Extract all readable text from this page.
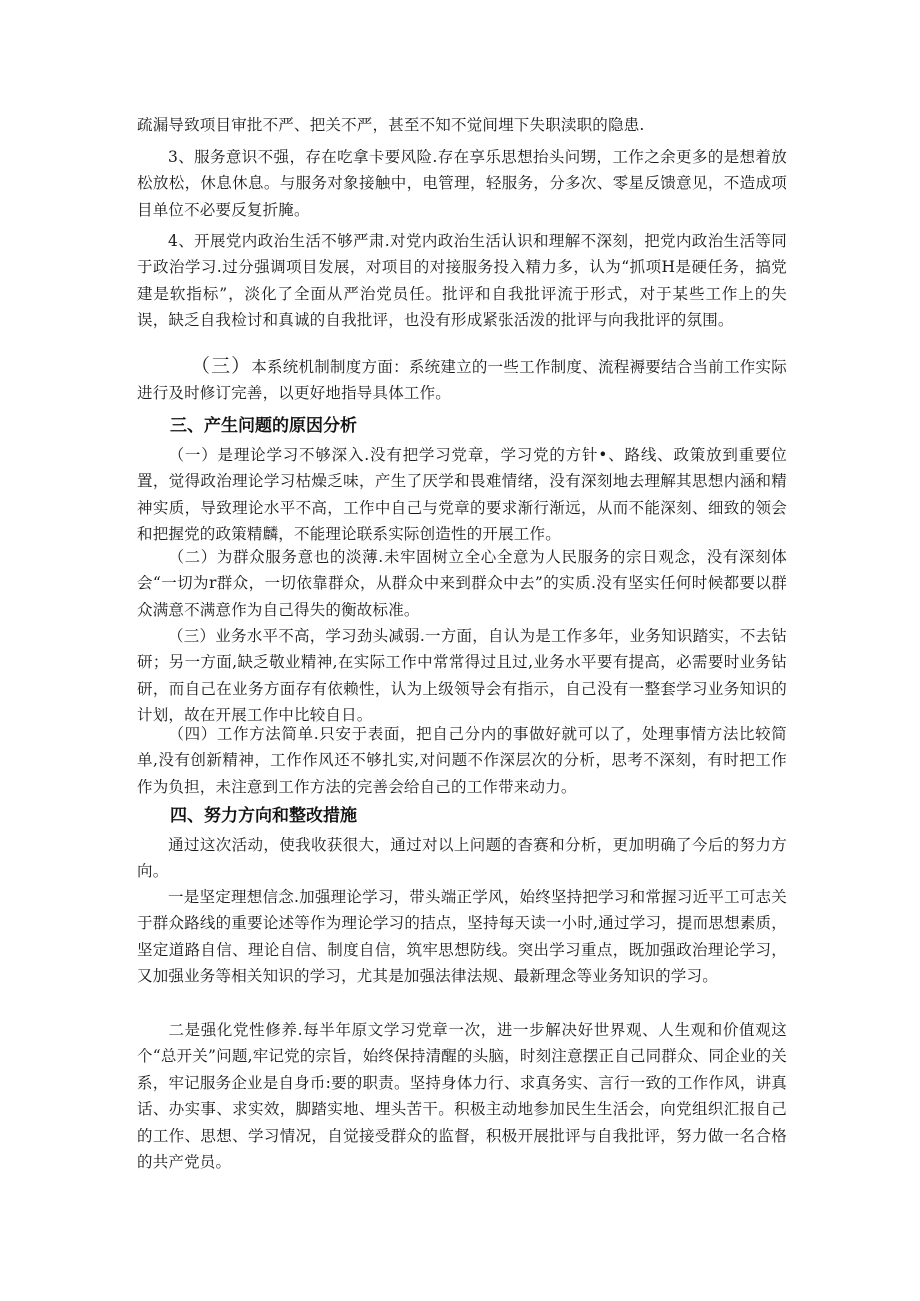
疏漏导致项目审批不严、把关不严，甚至不知不觉间埋下失职渎职的隐患.

3、服务意识不强，存在吃拿卡要风险.存在享乐思想抬头问甥，工作之余更多的是想着放松放松，休息休息。与服务对象接触中，电管理，轻服务，分多次、零星反馈意见，不造成项目单位不必要反复折腌。

4、开展党内政治生活不够严肃.对党内政治生活认识和理解不深刻，把党内政治生活等同于政治学习.过分强调项目发展，对项目的对接服务投入精力多，认为“抓项H是硬任务，搞党建是软指标”，淡化了全面从严治党员任。批评和自我批评流于形式，对于某些工作上的失误，缺乏自我检讨和真诚的自我批评，也没有形成紧张活泼的批评与向我批评的氛围。

（三）本系统机制制度方面：系统建立的一些工作制度、流程褥要结合当前工作实际进行及时修订完善，以更好地指导具体工作。

三、产生问题的原因分析

（一）是理论学习不够深入.没有把学习党章，学习党的方针•、路线、政策放到重要位置，觉得政治理论学习枯燥乏味，产生了厌学和畏难情绪，没有深刻地去理解其思想内涵和精神实质，导致理论水平不高，工作中自己与党章的要求渐行渐远，从而不能深刻、细致的领会和把握党的政策精麟，不能理论联系实际创造性的开展工作。

（二）为群众服务意也的淡薄.未牢固树立全心全意为人民服务的宗日观念，没有深刻体会“一切为r群众，一切依靠群众，从群众中来到群众中去”的实质.没有坚实任何时候都要以群众满意不满意作为自己得失的衡故标准。

（三）业务水平不高，学习劲头减弱.一方面，自认为是工作多年，业务知识踏实，不去钻研；另一方面,缺乏敬业精神,在实际工作中常常得过且过,业务水平要有提高，必需要时业务钻研，而自己在业务方面存有依赖性，认为上级领导会有指示，自己没有一整套学习业务知识的计划，故在开展工作中比较自日。

（四）工作方法简单.只安于表面，把自己分内的事做好就可以了，处理事情方法比较简单,没有创新精神，工作作风还不够扎实,对问题不作深层次的分析，思考不深刻，有时把工作作为负担，未注意到工作方法的完善会给自己的工作带来动力。

四、努力方向和整改措施

通过这次活动，使我收获很大，通过对以上问题的杳赛和分析，更加明确了今后的努力方向。

一是坚定理想信念.加强理论学习，带头端正学风，始终坚持把学习和常握习近平工可志关于群众路线的重要论述等作为理论学习的拮点，坚持每天读一小时,通过学习，提而思想素质，坚定道路自信、理论自信、制度自信，筑牢思想防线。突出学习重点，既加强政治理论学习，又加强业务等相关知识的学习，尤其是加强法律法规、最新理念等业务知识的学习。

二是强化党性修养.每半年原文学习党章一次，进一步解决好世界观、人生观和价值观这个“总开关”问题,牢记党的宗旨，始终保持清醒的头脑，时刻注意摆正自己同群众、同企业的关系，牢记服务企业是自身币:要的职责。坚持身体力行、求真务实、言行一致的工作作风，讲真话、办实事、求实效，脚踏实地、埋头苦干。积极主动地参加民生生活会，向党组织汇报自己的工作、思想、学习情况，自觉接受群众的监督，积极开展批评与自我批评，努力做一名合格的共产党员。
